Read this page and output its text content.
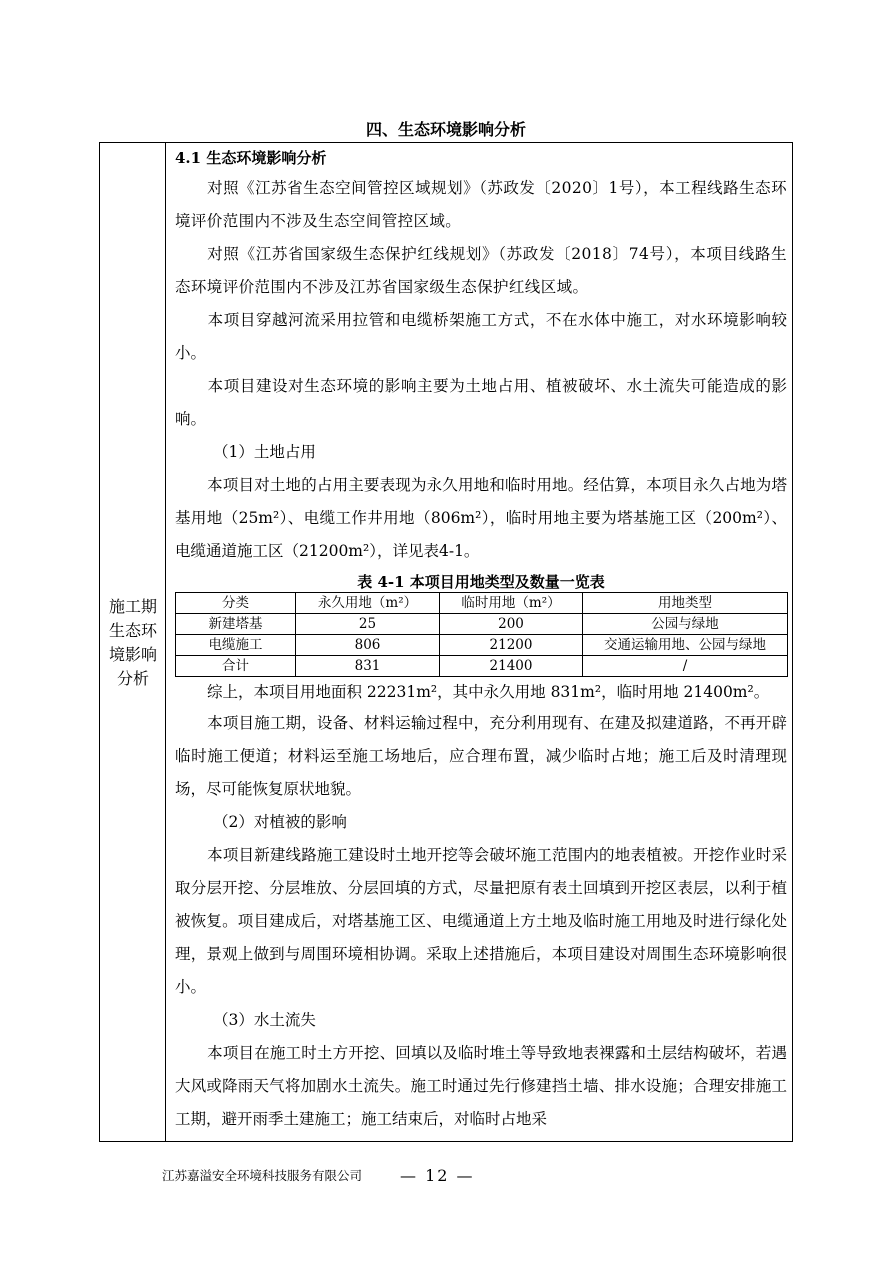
四、生态环境影响分析
施工期
生态环
境影响
分析
4.1 生态环境影响分析

对照《江苏省生态空间管控区域规划》（苏政发〔2020〕1号），本工程线路生态环境评价范围内不涉及生态空间管控区域。

对照《江苏省国家级生态保护红线规划》（苏政发〔2018〕74号），本项目线路生态环境评价范围内不涉及江苏省国家级生态保护红线区域。

本项目穿越河流采用拉管和电缆桥架施工方式，不在水体中施工，对水环境影响较小。

本项目建设对生态环境的影响主要为土地占用、植被破坏、水土流失可能造成的影响。

（1）土地占用

本项目对土地的占用主要表现为永久用地和临时用地。经估算，本项目永久占地为塔基用地（25m²）、电缆工作井用地（806m²），临时用地主要为塔基施工区（200m²）、电缆通道施工区（21200m²），详见表4-1。

表 4-1 本项目用地类型及数量一览表
分类	永久用地（m²）	临时用地（m²）	用地类型
新建塔基	25	200	公园与绿地
电缆施工	806	21200	交通运输用地、公园与绿地
合计	831	21400	/

综上，本项目用地面积 22231m²，其中永久用地 831m²，临时用地 21400m²。

本项目施工期，设备、材料运输过程中，充分利用现有、在建及拟建道路，不再开辟临时施工便道；材料运至施工场地后，应合理布置，减少临时占地；施工后及时清理现场，尽可能恢复原状地貌。

（2）对植被的影响

本项目新建线路施工建设时土地开挖等会破坏施工范围内的地表植被。开挖作业时采取分层开挖、分层堆放、分层回填的方式，尽量把原有表土回填到开挖区表层，以利于植被恢复。项目建成后，对塔基施工区、电缆通道上方土地及临时施工用地及时进行绿化处理，景观上做到与周围环境相协调。采取上述措施后，本项目建设对周围生态环境影响很小。

（3）水土流失

本项目在施工时土方开挖、回填以及临时堆土等导致地表裸露和土层结构破坏，若遇大风或降雨天气将加剧水土流失。施工时通过先行修建挡土墙、排水设施；合理安排施工工期，避开雨季土建施工；施工结束后，对临时占地采

江苏嘉溢安全环境科技服务有限公司 — 12 —
